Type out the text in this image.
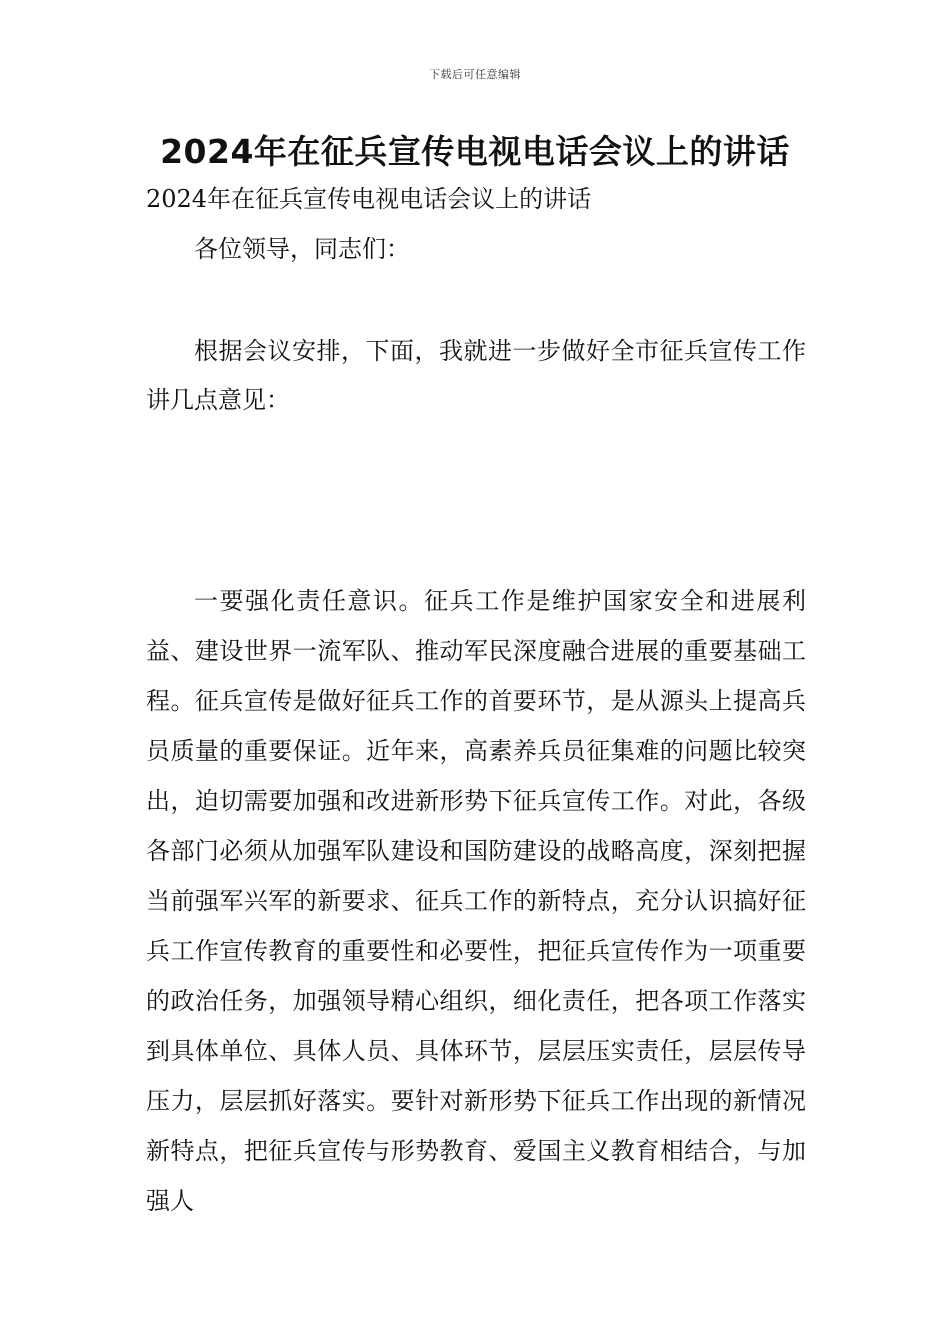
下载后可任意编辑
2024年在征兵宣传电视电话会议上的讲话

2024年在征兵宣传电视电话会议上的讲话

各位领导，同志们：

根据会议安排，下面，我就进一步做好全市征兵宣传工作讲几点意见：

一要强化责任意识。征兵工作是维护国家安全和进展利益、建设世界一流军队、推动军民深度融合进展的重要基础工程。征兵宣传是做好征兵工作的首要环节，是从源头上提高兵员质量的重要保证。近年来，高素养兵员征集难的问题比较突出，迫切需要加强和改进新形势下征兵宣传工作。对此，各级各部门必须从加强军队建设和国防建设的战略高度，深刻把握当前强军兴军的新要求、征兵工作的新特点，充分认识搞好征兵工作宣传教育的重要性和必要性，把征兵宣传作为一项重要的政治任务，加强领导精心组织，细化责任，把各项工作落实到具体单位、具体人员、具体环节，层层压实责任，层层传导压力，层层抓好落实。要针对新形势下征兵工作出现的新情况新特点，把征兵宣传与形势教育、爱国主义教育相结合，与加强人
